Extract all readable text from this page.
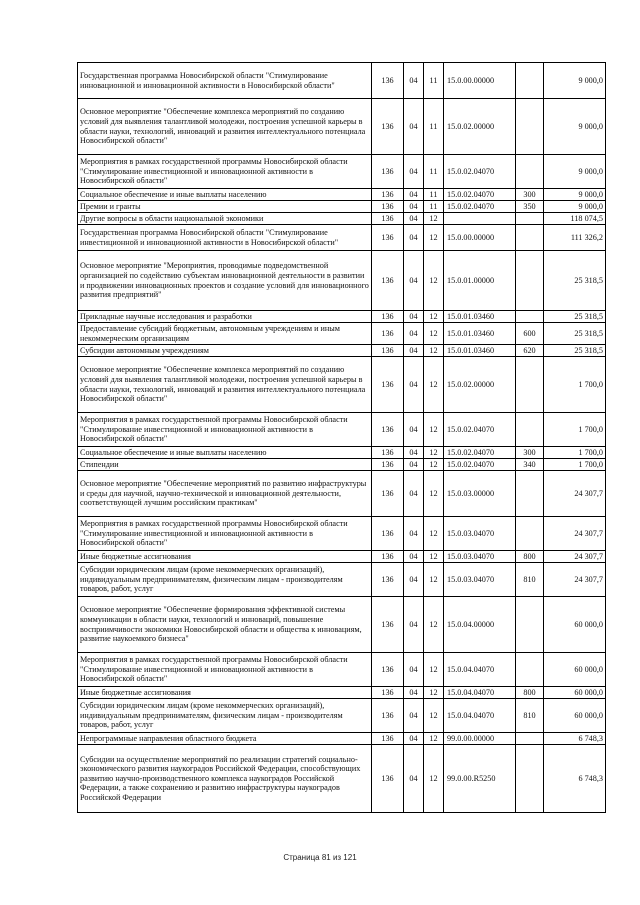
Государственная программа Новосибирской области "Стимулирование инновационной и инновационной активности в Новосибирской области"	136	04	11	15.0.00.00000		9 000,0
Основное мероприятие "Обеспечение комплекса мероприятий по созданию условий для выявления талантливой молодежи, построения успешной карьеры в области науки, технологий, инноваций и развития интеллектуального потенциала Новосибирской области"	136	04	11	15.0.02.00000		9 000,0
Мероприятия в рамках государственной программы Новосибирской области "Стимулирование инвестиционной и инновационной активности в Новосибирской области"	136	04	11	15.0.02.04070		9 000,0
Социальное обеспечение и иные выплаты населению	136	04	11	15.0.02.04070	300	9 000,0
Премии и гранты	136	04	11	15.0.02.04070	350	9 000,0
Другие вопросы в области национальной экономики	136	04	12			118 074,5
Государственная программа Новосибирской области "Стимулирование инвестиционной и инновационной активности в Новосибирской области"	136	04	12	15.0.00.00000		111 326,2
Основное мероприятие "Мероприятия, проводимые подведомственной организацией по содействию субъектам инновационной деятельности в развитии и продвижении инновационных проектов и создание условий для инновационного развития предприятий"	136	04	12	15.0.01.00000		25 318,5
Прикладные научные исследования и разработки	136	04	12	15.0.01.03460		25 318,5
Предоставление субсидий бюджетным, автономным учреждениям и иным некоммерческим организациям	136	04	12	15.0.01.03460	600	25 318,5
Субсидии автономным учреждениям	136	04	12	15.0.01.03460	620	25 318,5
Основное мероприятие "Обеспечение комплекса мероприятий по созданию условий для выявления талантливой молодежи, построения успешной карьеры в области науки, технологий, инноваций и развития интеллектуального потенциала Новосибирской области"	136	04	12	15.0.02.00000		1 700,0
Мероприятия в рамках государственной программы Новосибирской области "Стимулирование инвестиционной и инновационной активности в Новосибирской области"	136	04	12	15.0.02.04070		1 700,0
Социальное обеспечение и иные выплаты населению	136	04	12	15.0.02.04070	300	1 700,0
Стипендии	136	04	12	15.0.02.04070	340	1 700,0
Основное мероприятие "Обеспечение мероприятий по развитию инфраструктуры и среды для научной, научно-технической и инновационной деятельности, соответствующей лучшим российским практикам"	136	04	12	15.0.03.00000		24 307,7
Мероприятия в рамках государственной программы Новосибирской области "Стимулирование инвестиционной и инновационной активности в Новосибирской области"	136	04	12	15.0.03.04070		24 307,7
Иные бюджетные ассигнования	136	04	12	15.0.03.04070	800	24 307,7
Субсидии юридическим лицам (кроме некоммерческих организаций), индивидуальным предпринимателям, физическим лицам - производителям товаров, работ, услуг	136	04	12	15.0.03.04070	810	24 307,7
Основное мероприятие "Обеспечение формирования эффективной системы коммуникации в области науки, технологий и инноваций, повышение восприимчивости экономики Новосибирской области и общества к инновациям, развитие наукоемкого бизнеса"	136	04	12	15.0.04.00000		60 000,0
Мероприятия в рамках государственной программы Новосибирской области "Стимулирование инвестиционной и инновационной активности в Новосибирской области"	136	04	12	15.0.04.04070		60 000,0
Иные бюджетные ассигнования	136	04	12	15.0.04.04070	800	60 000,0
Субсидии юридическим лицам (кроме некоммерческих организаций), индивидуальным предпринимателям, физическим лицам - производителям товаров, работ, услуг	136	04	12	15.0.04.04070	810	60 000,0
Непрограммные направления областного бюджета	136	04	12	99.0.00.00000		6 748,3
Субсидии на осуществление мероприятий по реализации стратегий социально-экономического развития наукоградов Российской Федерации, способствующих развитию научно-производственного комплекса наукоградов Российской Федерации, а также сохранению и развитию инфраструктуры наукоградов Российской Федерации	136	04	12	99.0.00.R5250		6 748,3
Страница 81 из 121
